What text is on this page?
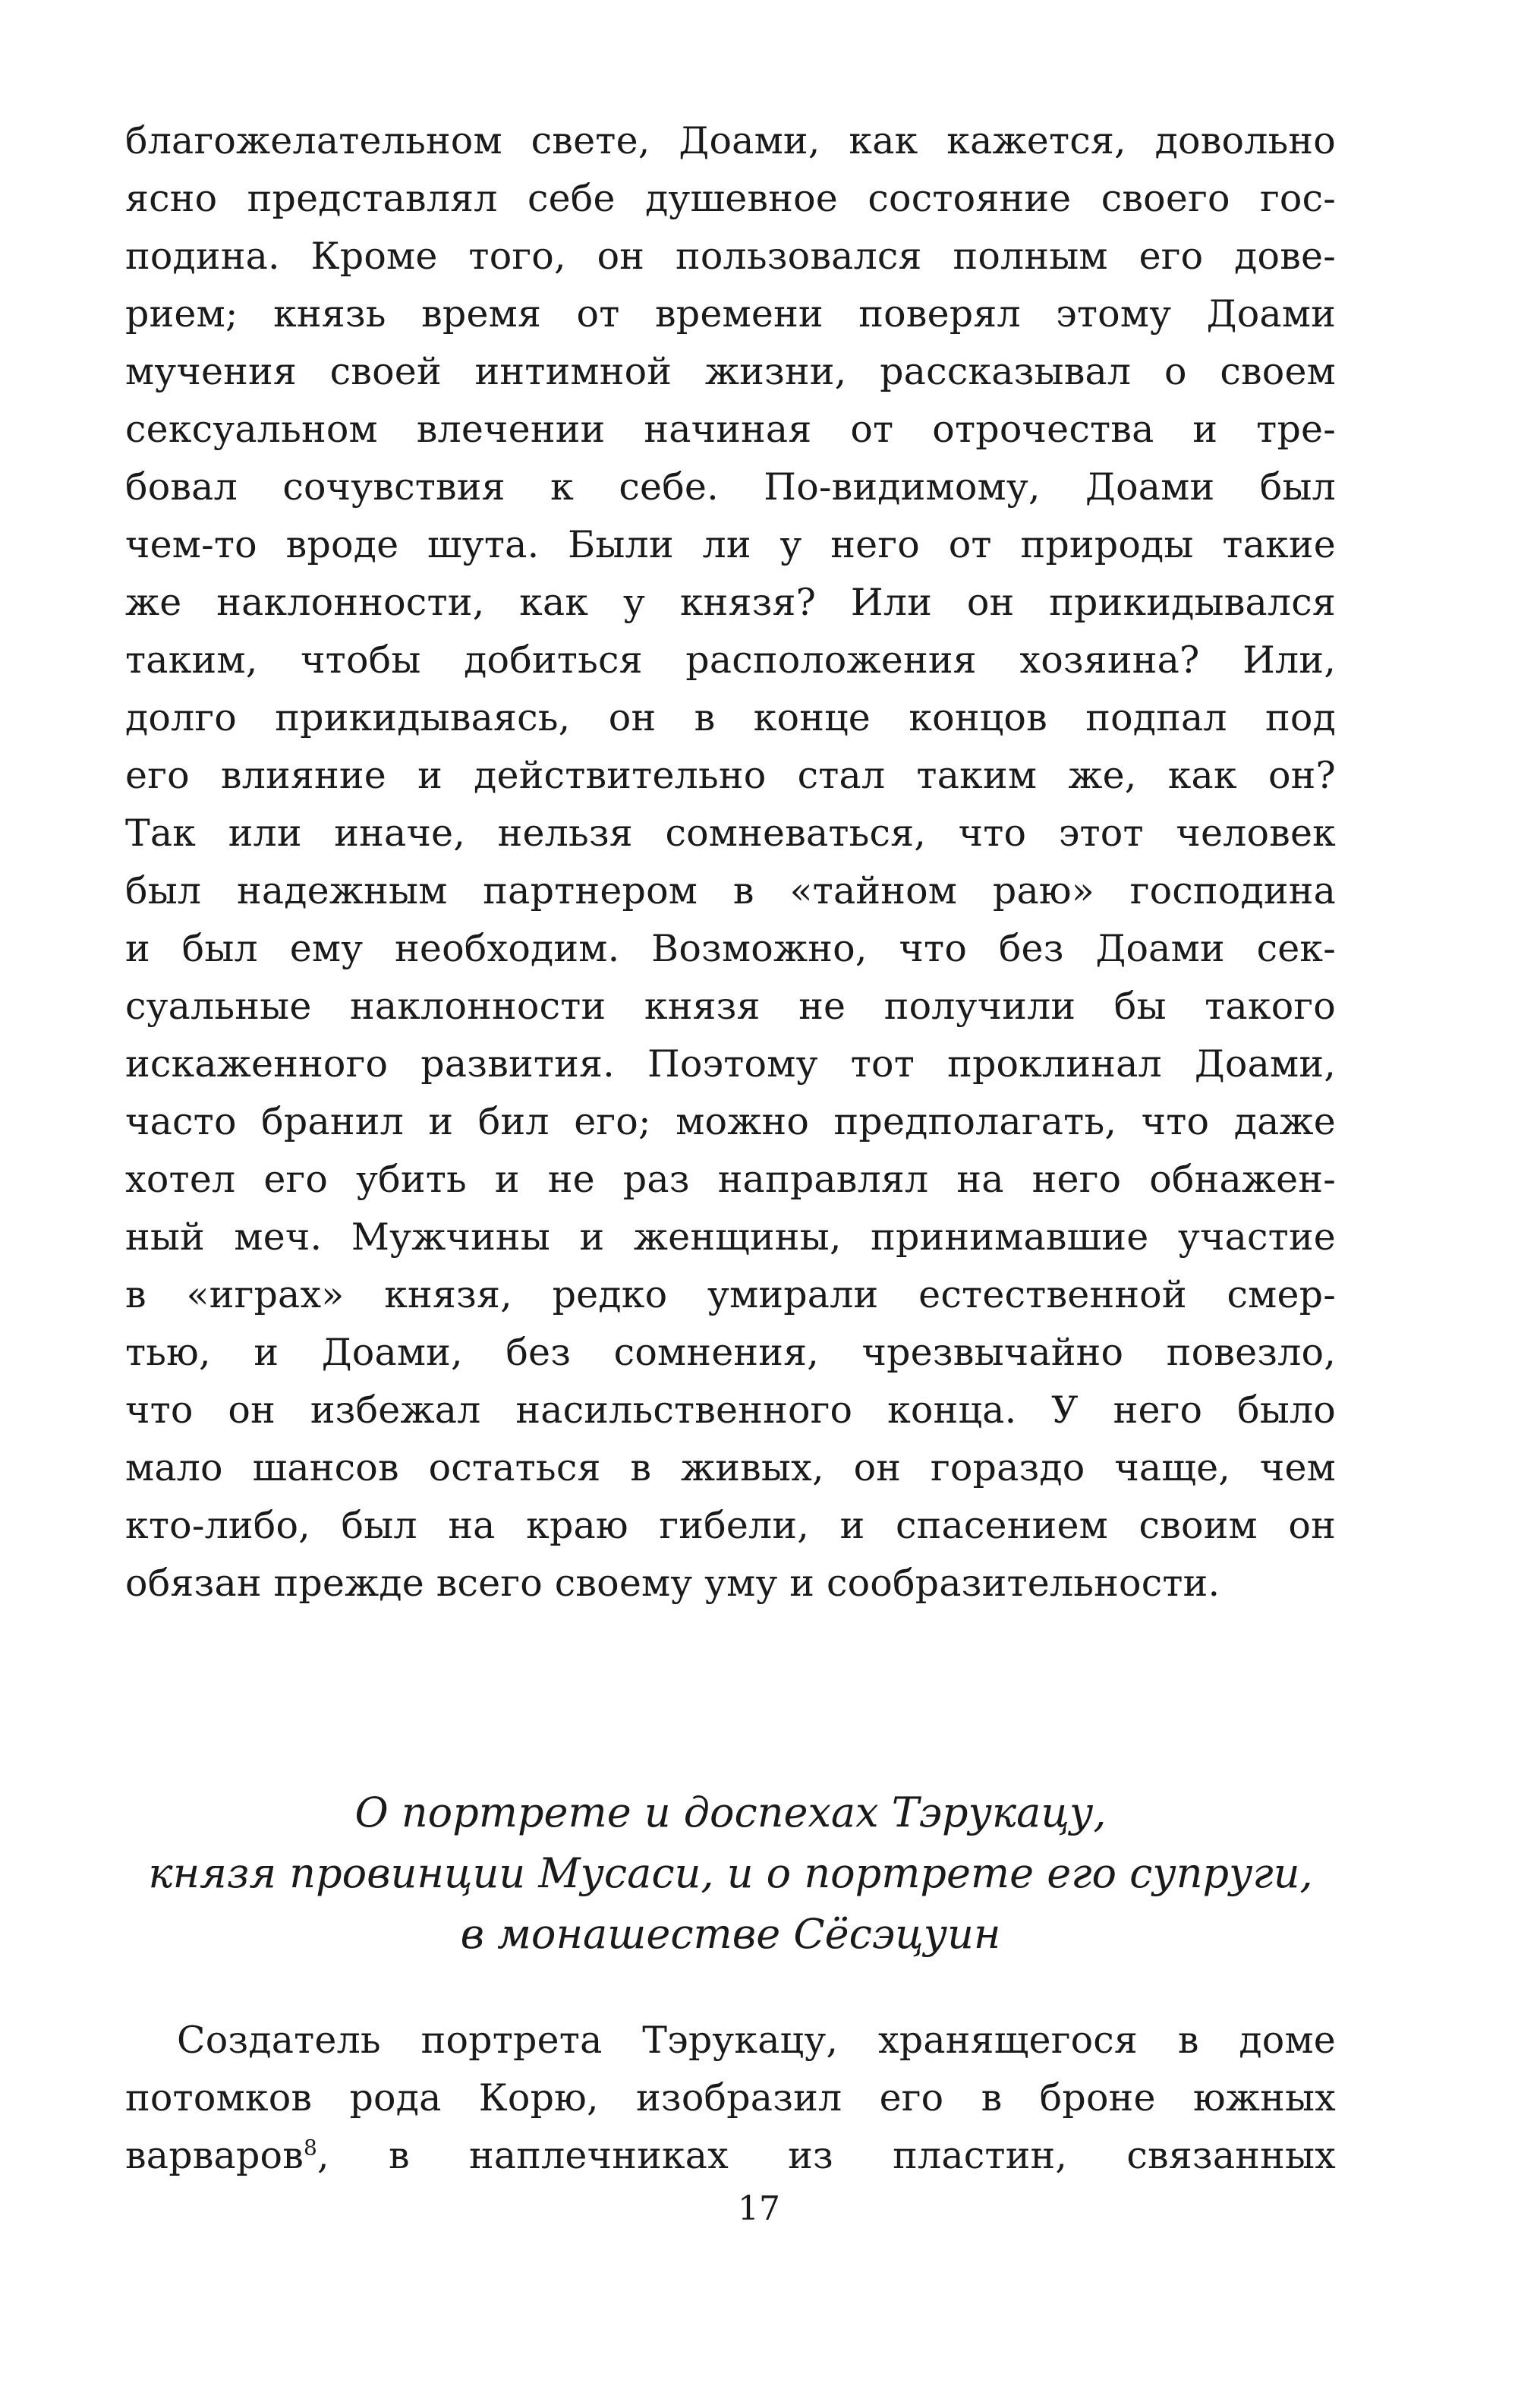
благожелательном свете, Доами, как кажется, довольно
ясно представлял себе душевное состояние своего гос-
подина. Кроме того, он пользовался полным его дове-
рием; князь время от времени поверял этому Доами
мучения своей интимной жизни, рассказывал о своем
сексуальном влечении начиная от отрочества и тре-
бовал сочувствия к себе. По-видимому, Доами был
чем-то вроде шута. Были ли у него от природы такие
же наклонности, как у князя? Или он прикидывался
таким, чтобы добиться расположения хозяина? Или,
долго прикидываясь, он в конце концов подпал под
его влияние и действительно стал таким же, как он?
Так или иначе, нельзя сомневаться, что этот человек
был надежным партнером в «тайном раю» господина
и был ему необходим. Возможно, что без Доами сек-
суальные наклонности князя не получили бы такого
искаженного развития. Поэтому тот проклинал Доами,
часто бранил и бил его; можно предполагать, что даже
хотел его убить и не раз направлял на него обнажен-
ный меч. Мужчины и женщины, принимавшие участие
в «играх» князя, редко умирали естественной смер-
тью, и Доами, без сомнения, чрезвычайно повезло,
что он избежал насильственного конца. У него было
мало шансов остаться в живых, он гораздо чаще, чем
кто-либо, был на краю гибели, и спасением своим он
обязан прежде всего своему уму и сообразительности.
О портрете и доспехах Тэрукацу,
князя провинции Мусаси, и о портрете его супруги,
в монашестве Сёсэцуин
Создатель портрета Тэрукацу, хранящегося в доме
потомков рода Корю, изобразил его в броне южных
варваров$^8$, в наплечниках из пластин, связанных
17
